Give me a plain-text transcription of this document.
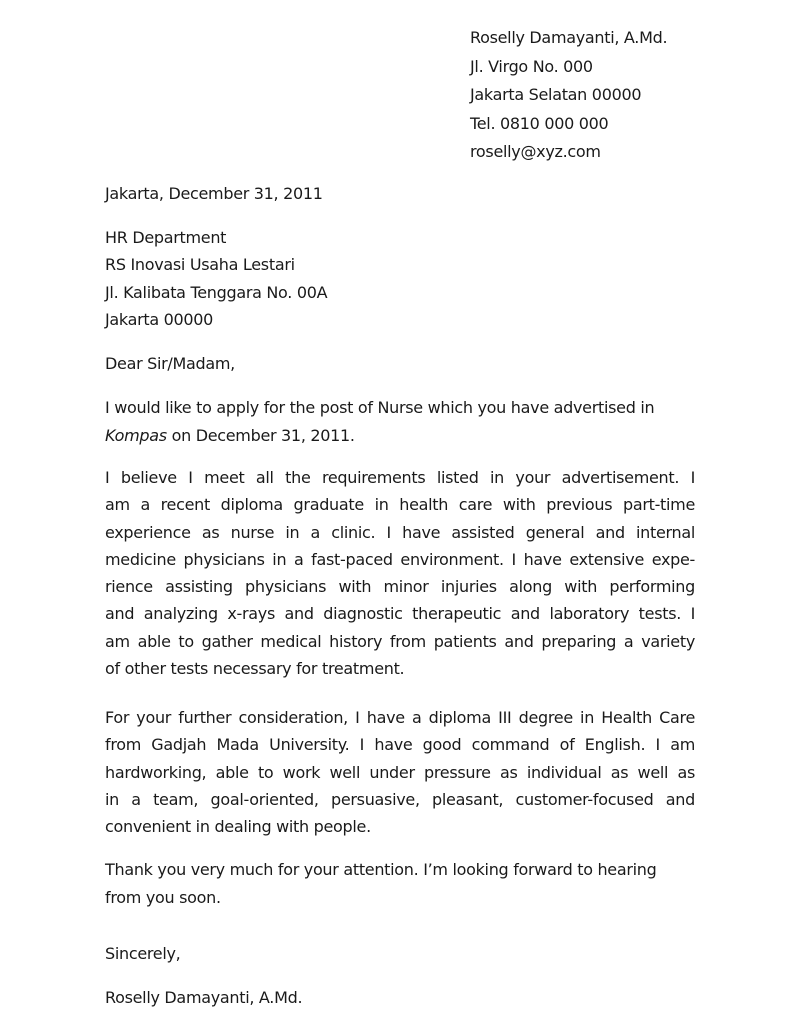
Roselly Damayanti, A.Md.
Jl. Virgo No. 000
Jakarta Selatan 00000
Tel. 0810 000 000
roselly@xyz.com
Jakarta, December 31, 2011
HR Department
RS Inovasi Usaha Lestari
Jl. Kalibata Tenggara No. 00A
Jakarta 00000
Dear Sir/Madam,
I would like to apply for the post of Nurse which you have advertised in
Kompas on December 31, 2011.
I believe I meet all the requirements listed in your advertisement. I
am a recent diploma graduate in health care with previous part-time
experience as nurse in a clinic. I have assisted general and internal
medicine physicians in a fast-paced environment. I have extensive expe-
rience assisting physicians with minor injuries along with performing
and analyzing x-rays and diagnostic therapeutic and laboratory tests. I
am able to gather medical history from patients and preparing a variety
of other tests necessary for treatment.
For your further consideration, I have a diploma III degree in Health Care
from Gadjah Mada University. I have good command of English. I am
hardworking, able to work well under pressure as individual as well as
in a team, goal-oriented, persuasive, pleasant, customer-focused and
convenient in dealing with people.
Thank you very much for your attention. I’m looking forward to hearing
from you soon.
Sincerely,
Roselly Damayanti, A.Md.
